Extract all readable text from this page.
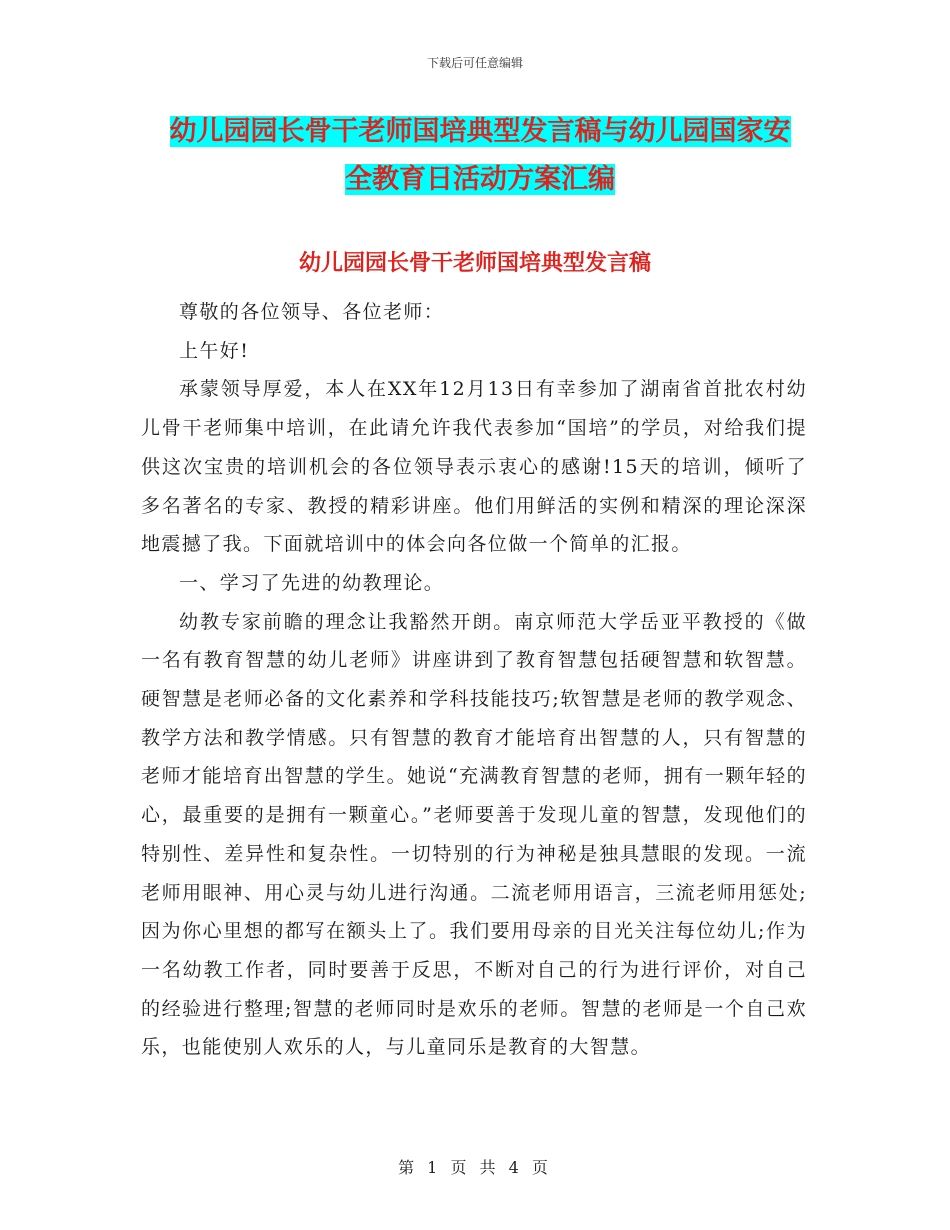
下载后可任意编辑
幼儿园园长骨干老师国培典型发言稿与幼儿园国家安
全教育日活动方案汇编
幼儿园园长骨干老师国培典型发言稿

尊敬的各位领导、各位老师：

上午好!

承蒙领导厚爱，本人在XX年12月13日有幸参加了湖南省首批农村幼儿骨干老师集中培训，在此请允许我代表参加“国培”的学员，对给我们提供这次宝贵的培训机会的各位领导表示衷心的感谢!15天的培训，倾听了多名著名的专家、教授的精彩讲座。他们用鲜活的实例和精深的理论深深地震撼了我。下面就培训中的体会向各位做一个简单的汇报。

一、学习了先进的幼教理论。

幼教专家前瞻的理念让我豁然开朗。南京师范大学岳亚平教授的《做一名有教育智慧的幼儿老师》讲座讲到了教育智慧包括硬智慧和软智慧。硬智慧是老师必备的文化素养和学科技能技巧;软智慧是老师的教学观念、教学方法和教学情感。只有智慧的教育才能培育出智慧的人，只有智慧的老师才能培育出智慧的学生。她说“充满教育智慧的老师，拥有一颗年轻的心，最重要的是拥有一颗童心。”老师要善于发现儿童的智慧，发现他们的特别性、差异性和复杂性。一切特别的行为神秘是独具慧眼的发现。一流老师用眼神、用心灵与幼儿进行沟通。二流老师用语言，三流老师用惩处;因为你心里想的都写在额头上了。我们要用母亲的目光关注每位幼儿;作为一名幼教工作者，同时要善于反思，不断对自己的行为进行评价，对自己的经验进行整理;智慧的老师同时是欢乐的老师。智慧的老师是一个自己欢乐，也能使别人欢乐的人，与儿童同乐是教育的大智慧。

第 1 页 共 4 页
